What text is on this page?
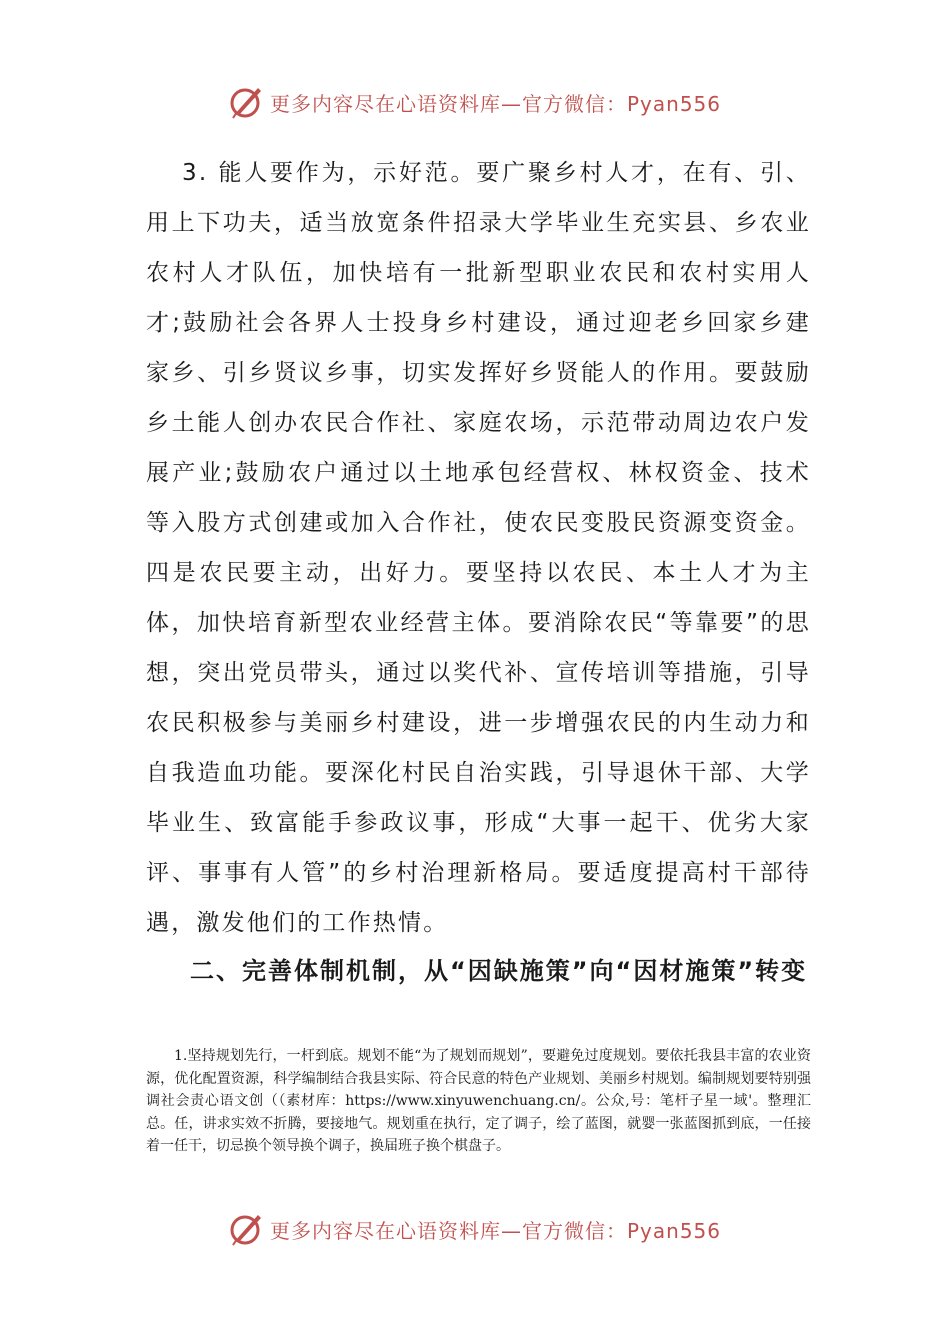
更多内容尽在心语资料库—官方微信：Pyan556

3. 能人要作为，示好范。要广聚乡村人才，在有、引、用上下功夫，适当放宽条件招录大学毕业生充实县、乡农业农村人才队伍，加快培有一批新型职业农民和农村实用人才;鼓励社会各界人士投身乡村建设，通过迎老乡回家乡建家乡、引乡贤议乡事，切实发挥好乡贤能人的作用。要鼓励乡土能人创办农民合作社、家庭农场，示范带动周边农户发展产业;鼓励农户通过以土地承包经营权、林权资金、技术等入股方式创建或加入合作社，使农民变股民资源变资金。四是农民要主动，出好力。要坚持以农民、本土人才为主体，加快培育新型农业经营主体。要消除农民“等靠要”的思想，突出党员带头，通过以奖代补、宣传培训等措施，引导农民积极参与美丽乡村建设，进一步增强农民的内生动力和自我造血功能。要深化村民自治实践，引导退休干部、大学毕业生、致富能手参政议事，形成“大事一起干、优劣大家评、事事有人管”的乡村治理新格局。要适度提高村干部待遇，激发他们的工作热情。

二、完善体制机制，从“因缺施策”向“因材施策”转变

1.坚持规划先行，一杆到底。规划不能“为了规划而规划”，要避免过度规划。要依托我县丰富的农业资源，优化配置资源，科学编制结合我县实际、符合民意的特色产业规划、美丽乡村规划。编制规划要特别强调社会责心语文创（（素材库：https://www.xinyuwenchuang.cn/。公众,号：笔杆子星一域'。整理汇总。任，讲求实效不折腾，要接地气。规划重在执行，定了调子，绘了蓝图，就婴一张蓝图抓到底，一任接着一任干，切忌换个领导换个调子，换届班子换个棋盘子。

更多内容尽在心语资料库—官方微信：Pyan556
